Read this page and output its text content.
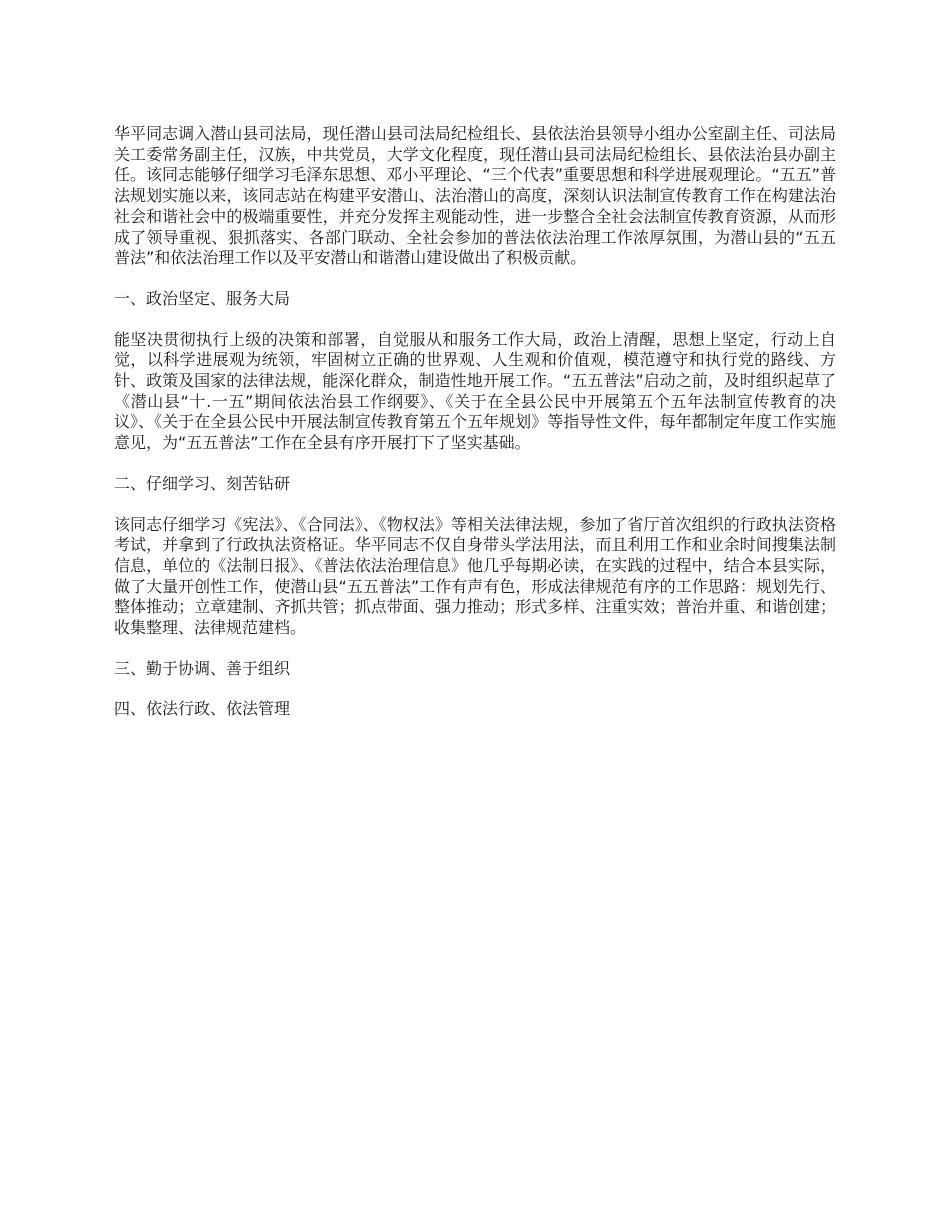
华平同志调入潜山县司法局，现任潜山县司法局纪检组长、县依法治县领导小组办公室副主任、司法局关工委常务副主任，汉族，中共党员，大学文化程度，现任潜山县司法局纪检组长、县依法治县办副主任。该同志能够仔细学习毛泽东思想、邓小平理论、“三个代表”重要思想和科学进展观理论。“五五”普法规划实施以来，该同志站在构建平安潜山、法治潜山的高度，深刻认识法制宣传教育工作在构建法治社会和谐社会中的极端重要性，并充分发挥主观能动性，进一步整合全社会法制宣传教育资源，从而形成了领导重视、狠抓落实、各部门联动、全社会参加的普法依法治理工作浓厚氛围，为潜山县的“五五普法”和依法治理工作以及平安潜山和谐潜山建设做出了积极贡献。

一、政治坚定、服务大局

能坚决贯彻执行上级的决策和部署，自觉服从和服务工作大局，政治上清醒，思想上坚定，行动上自觉，以科学进展观为统领，牢固树立正确的世界观、人生观和价值观，模范遵守和执行党的路线、方针、政策及国家的法律法规，能深化群众，制造性地开展工作。“五五普法”启动之前，及时组织起草了《潜山县“十.一五”期间依法治县工作纲要》、《关于在全县公民中开展第五个五年法制宣传教育的决议》、《关于在全县公民中开展法制宣传教育第五个五年规划》等指导性文件，每年都制定年度工作实施意见，为“五五普法”工作在全县有序开展打下了坚实基础。

二、仔细学习、刻苦钻研

该同志仔细学习《宪法》、《合同法》、《物权法》等相关法律法规，参加了省厅首次组织的行政执法资格考试，并拿到了行政执法资格证。华平同志不仅自身带头学法用法，而且利用工作和业余时间搜集法制信息，单位的《法制日报》、《普法依法治理信息》他几乎每期必读，在实践的过程中，结合本县实际，做了大量开创性工作，使潜山县“五五普法”工作有声有色，形成法律规范有序的工作思路：规划先行、整体推动；立章建制、齐抓共管；抓点带面、强力推动；形式多样、注重实效；普治并重、和谐创建；收集整理、法律规范建档。

三、勤于协调、善于组织

四、依法行政、依法管理
